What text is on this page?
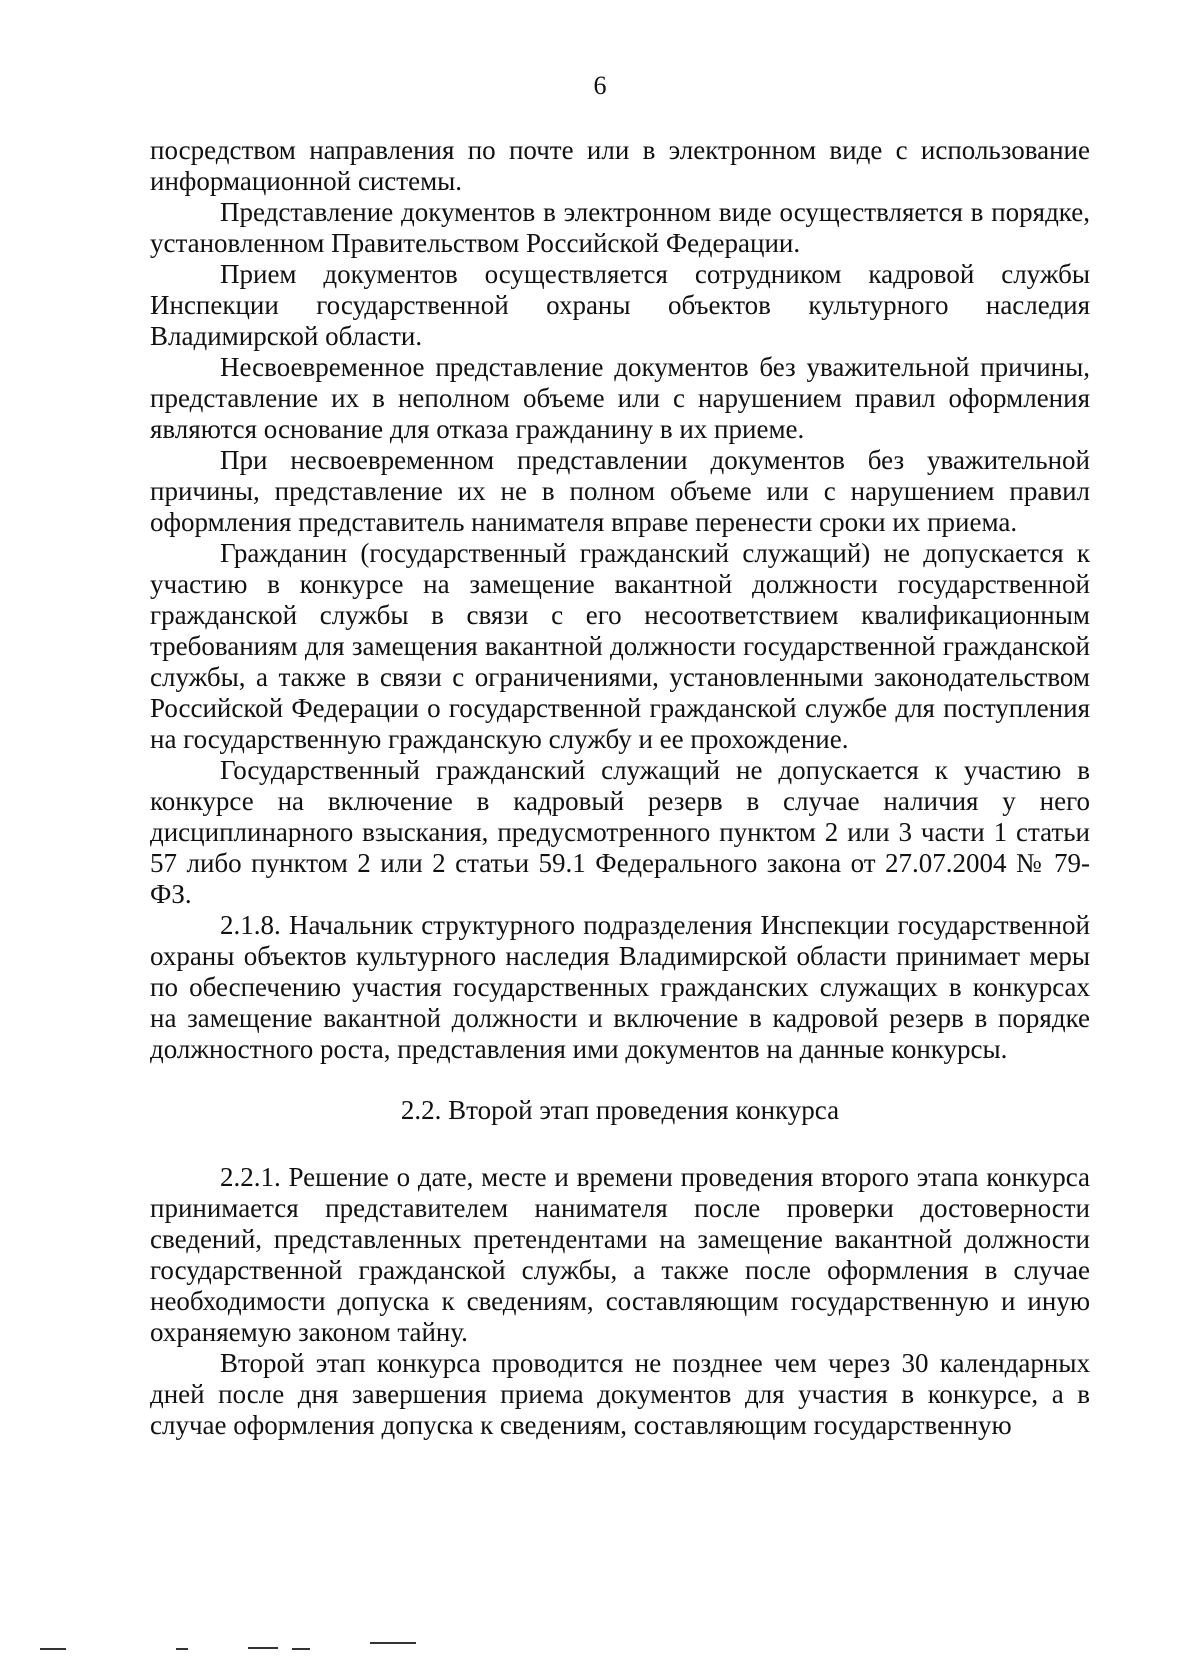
6

посредством направления по почте или в электронном виде с использование информационной системы.

Представление документов в электронном виде осуществляется в порядке, установленном Правительством Российской Федерации.

Прием документов осуществляется сотрудником кадровой службы Инспекции государственной охраны объектов культурного наследия Владимирской области.

Несвоевременное представление документов без уважительной причины, представление их в неполном объеме или с нарушением правил оформления являются основание для отказа гражданину в их приеме.

При несвоевременном представлении документов без уважительной причины, представление их не в полном объеме или с нарушением правил оформления представитель нанимателя вправе перенести сроки их приема.

Гражданин (государственный гражданский служащий) не допускается к участию в конкурсе на замещение вакантной должности государственной гражданской службы в связи с его несоответствием квалификационным требованиям для замещения вакантной должности государственной гражданской службы, а также в связи с ограничениями, установленными законодательством Российской Федерации о государственной гражданской службе для поступления на государственную гражданскую службу и ее прохождение.

Государственный гражданский служащий не допускается к участию в конкурсе на включение в кадровый резерв в случае наличия у него дисциплинарного взыскания, предусмотренного пунктом 2 или 3 части 1 статьи 57 либо пунктом 2 или 2 статьи 59.1 Федерального закона от 27.07.2004 № 79-ФЗ.

2.1.8. Начальник структурного подразделения Инспекции государственной охраны объектов культурного наследия Владимирской области принимает меры по обеспечению участия государственных гражданских служащих в конкурсах на замещение вакантной должности и включение в кадровой резерв в порядке должностного роста, представления ими документов на данные конкурсы.

2.2. Второй этап проведения конкурса

2.2.1. Решение о дате, месте и времени проведения второго этапа конкурса принимается представителем нанимателя после проверки достоверности сведений, представленных претендентами на замещение вакантной должности государственной гражданской службы, а также после оформления в случае необходимости допуска к сведениям, составляющим государственную и иную охраняемую законом тайну.

Второй этап конкурса проводится не позднее чем через 30 календарных дней после дня завершения приема документов для участия в конкурсе, а в случае оформления допуска к сведениям, составляющим государственную
